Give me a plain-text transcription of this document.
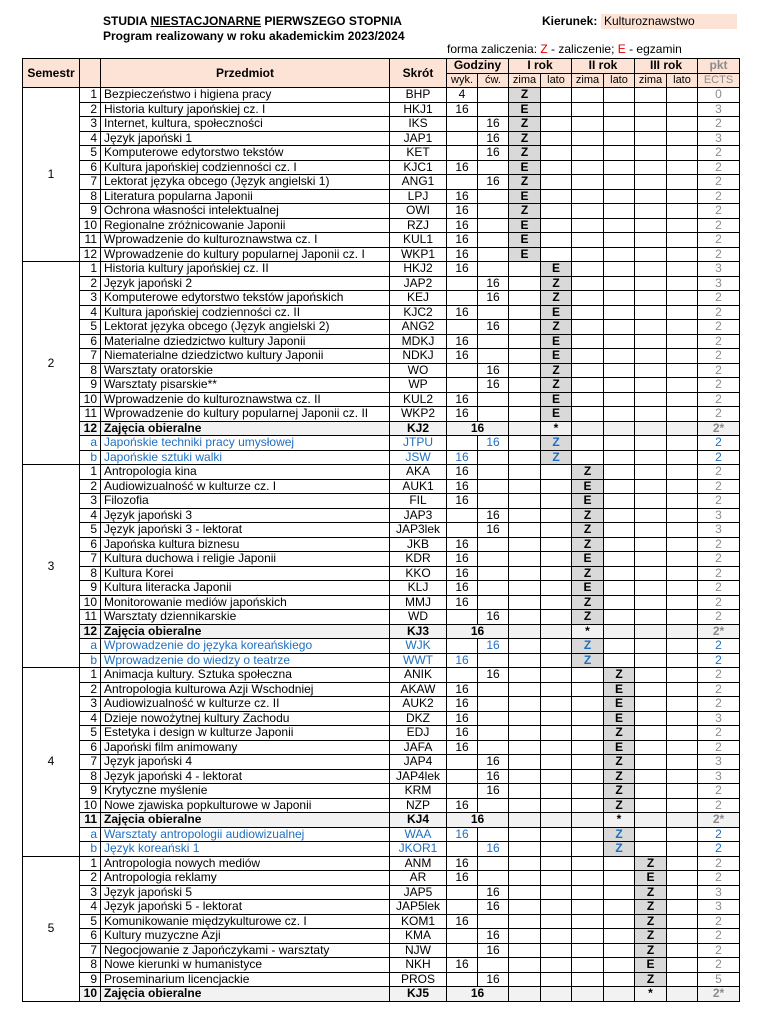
STUDIA NIESTACJONARNE PIERWSZEGO STOPNIA
Program realizowany w roku akademickim 2023/2024
Kierunek: Kulturoznawstwo
forma zaliczenia: Z - zaliczenie; E - egzamin
Semestr		Przedmiot	Skrót	Godziny		I rok		II rok		III rok		pkt
				wyk.	ćw.	zima	lato	zima	lato	zima	lato	ECTS
1	1	Bezpieczeństwo i higiena pracy	BHP	4		Z						0
	2	Historia kultury japońskiej cz. I	HKJ1	16		E						3
	3	Internet, kultura, społeczności	IKS		16	Z						2
	4	Język japoński 1	JAP1		16	Z						3
	5	Komputerowe edytorstwo tekstów	KET		16	Z						2
	6	Kultura japońskiej codzienności cz. I	KJC1	16		E						2
	7	Lektorat języka obcego (Język angielski 1)	ANG1		16	Z						2
	8	Literatura popularna Japonii	LPJ	16		E						2
	9	Ochrona własności intelektualnej	OWI	16		Z						2
	10	Regionalne zróżnicowanie Japonii	RZJ	16		E						2
	11	Wprowadzenie do kulturoznawstwa cz. I	KUL1	16		E						2
	12	Wprowadzenie do kultury popularnej Japonii cz. I	WKP1	16		E						2
2	1	Historia kultury japońskiej cz. II	HKJ2	16			E					3
	2	Język japoński 2	JAP2		16		Z					3
	3	Komputerowe edytorstwo tekstów japońskich	KEJ		16		Z					2
	4	Kultura japońskiej codzienności cz. II	KJC2	16			E					2
	5	Lektorat języka obcego (Język angielski 2)	ANG2		16		Z					2
	6	Materialne dziedzictwo kultury Japonii	MDKJ	16			E					2
	7	Niematerialne dziedzictwo kultury Japonii	NDKJ	16			E					2
	8	Warsztaty oratorskie	WO		16		Z					2
	9	Warsztaty pisarskie**	WP		16		Z					2
	10	Wprowadzenie do kulturoznawstwa cz. II	KUL2	16			E					2
	11	Wprowadzenie do kultury popularnej Japonii cz. II	WKP2	16			E					2
	12	Zajęcia obieralne	KJ2	16			*					2*
	a	Japońskie techniki pracy umysłowej	JTPU		16		Z					2
	b	Japońskie sztuki walki	JSW	16			Z					2
3	1	Antropologia kina	AKA	16				Z				2
	2	Audiowizualność w kulturze cz. I	AUK1	16				E				2
	3	Filozofia	FIL	16				E				2
	4	Język japoński 3	JAP3		16			Z				3
	5	Język japoński 3 - lektorat	JAP3lek		16			Z				3
	6	Japońska kultura biznesu	JKB	16				Z				2
	7	Kultura duchowa i religie Japonii	KDR	16				E				2
	8	Kultura Korei	KKO	16				Z				2
	9	Kultura literacka Japonii	KLJ	16				E				2
	10	Monitorowanie mediów japońskich	MMJ	16				Z				2
	11	Warsztaty dziennikarskie	WD		16			Z				2
	12	Zajęcia obieralne	KJ3	16				*				2*
	a	Wprowadzenie do języka koreańskiego	WJK		16			Z				2
	b	Wprowadzenie do wiedzy o teatrze	WWT	16				Z				2
4	1	Animacja kultury. Sztuka społeczna	ANIK		16				Z			2
	2	Antropologia kulturowa Azji Wschodniej	AKAW	16					E			2
	3	Audiowizualność w kulturze cz. II	AUK2	16					E			2
	4	Dzieje nowożytnej kultury Zachodu	DKZ	16					E			3
	5	Estetyka i design w kulturze Japonii	EDJ	16					Z			2
	6	Japoński film animowany	JAFA	16					E			2
	7	Język japoński 4	JAP4		16				Z			3
	8	Język japoński 4 - lektorat	JAP4lek		16				Z			3
	9	Krytyczne myślenie	KRM		16				Z			2
	10	Nowe zjawiska popkulturowe w Japonii	NZP	16					Z			2
	11	Zajęcia obieralne	KJ4	16					*			2*
	a	Warsztaty antropologii audiowizualnej	WAA	16					Z			2
	b	Język koreański 1	JKOR1		16				Z			2
5	1	Antropologia nowych mediów	ANM	16						Z		2
	2	Antropologia reklamy	AR	16						E		2
	3	Język japoński 5	JAP5		16					Z		3
	4	Język japoński 5 - lektorat	JAP5lek		16					Z		3
	5	Komunikowanie międzykulturowe cz. I	KOM1	16						Z		2
	6	Kultury muzyczne Azji	KMA		16					Z		2
	7	Negocjowanie z Japończykami - warsztaty	NJW		16					Z		2
	8	Nowe kierunki w humanistyce	NKH	16						E		2
	9	Proseminarium licencjackie	PROS		16					Z		5
	10	Zajęcia obieralne	KJ5	16						*		2*
